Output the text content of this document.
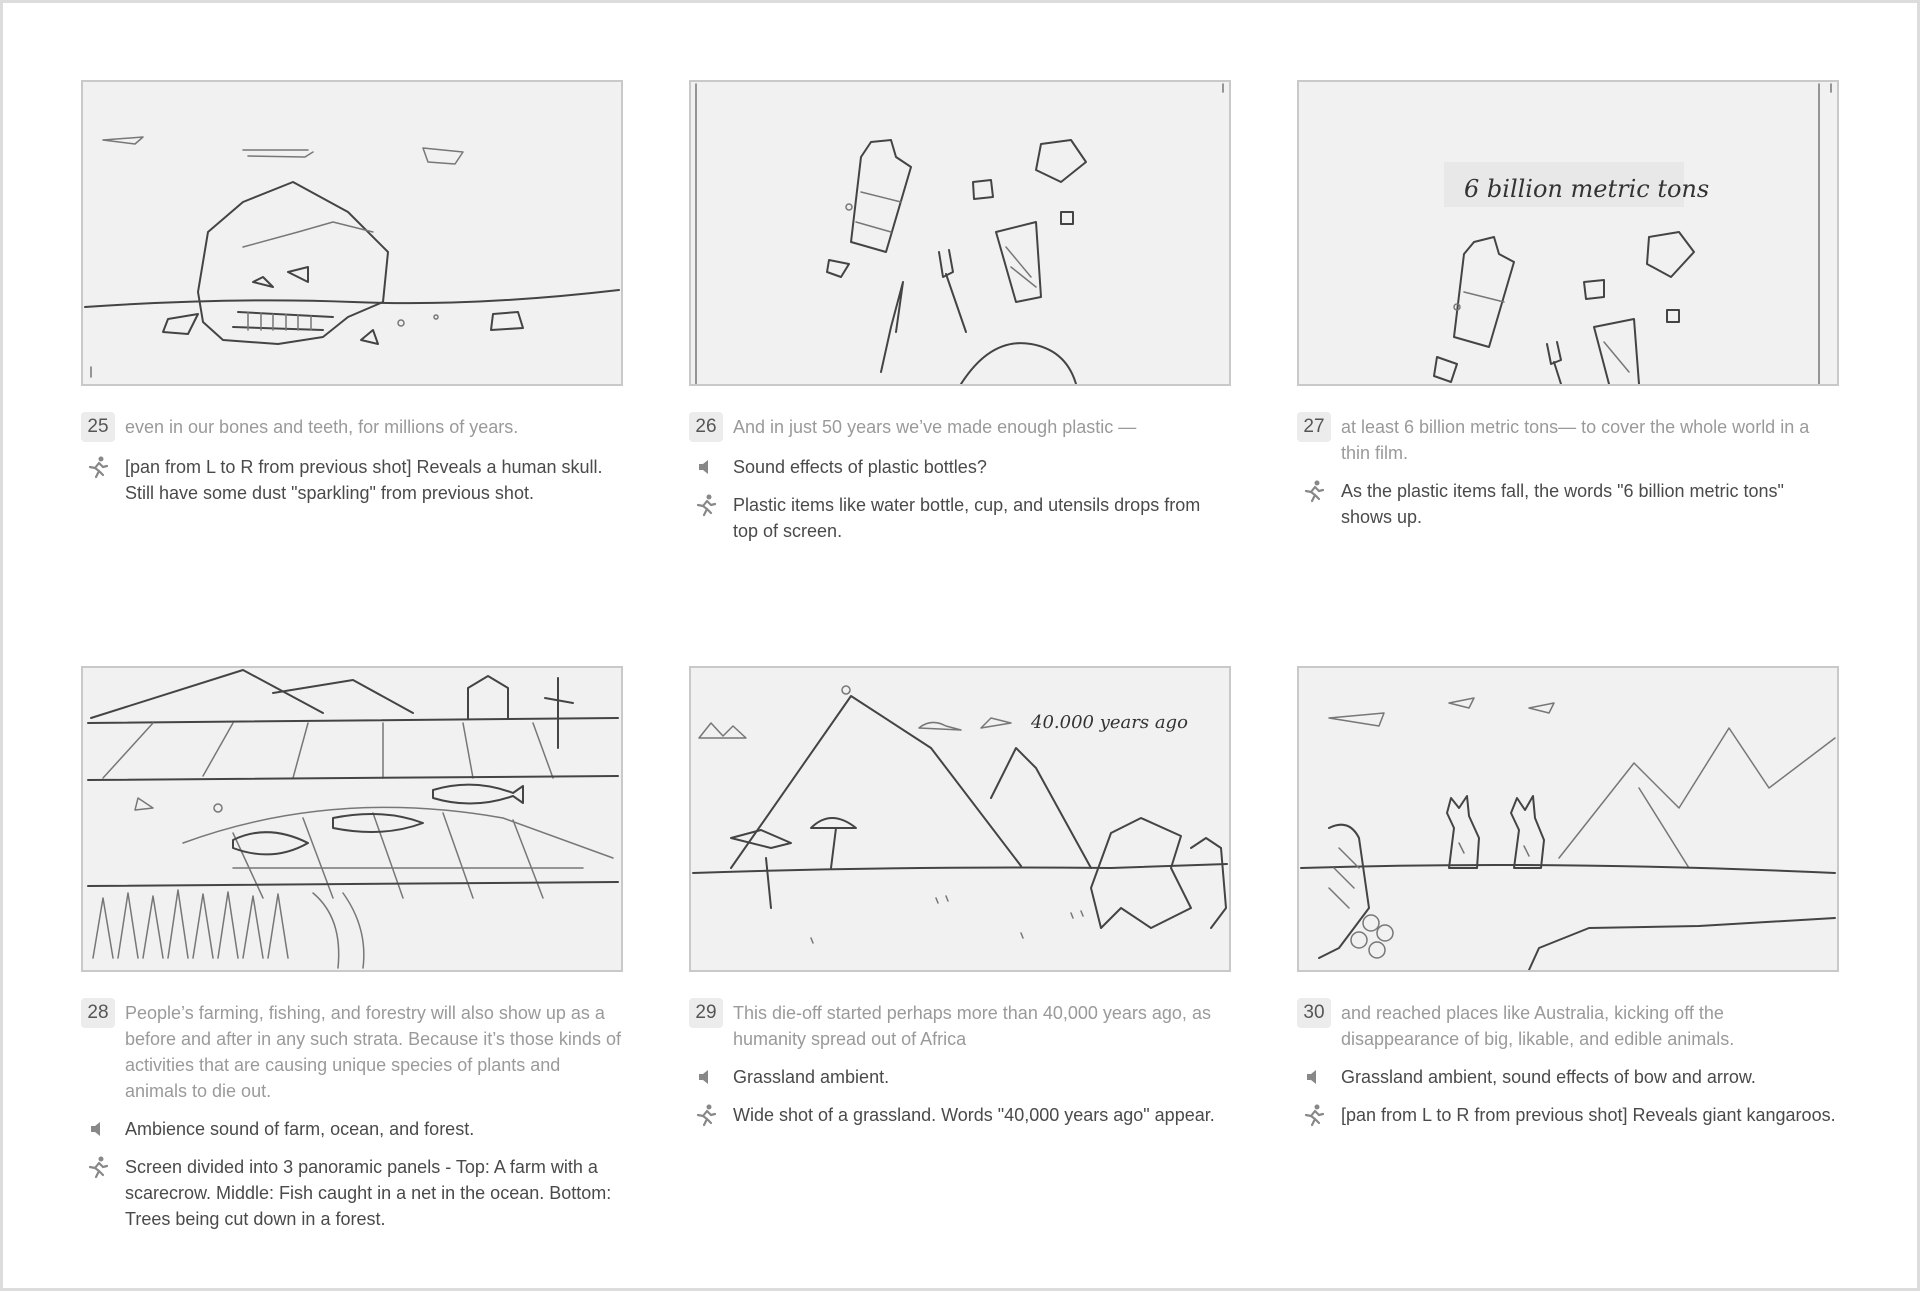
25 even in our bones and teeth, for millions of years.
[pan from L to R from previous shot] Reveals a human skull. Still have some dust "sparkling" from previous shot.
26 And in just 50 years we’ve made enough plastic —
Sound effects of plastic bottles?
Plastic items like water bottle, cup, and utensils drops from top of screen.
6 billion metric tons
27 at least 6 billion metric tons— to cover the whole world in a thin film.
As the plastic items fall, the words "6 billion metric tons" shows up.
28 People’s farming, fishing, and forestry will also show up as a before and after in any such strata. Because it’s those kinds of activities that are causing unique species of plants and animals to die out.
Ambience sound of farm, ocean, and forest.
Screen divided into 3 panoramic panels - Top: A farm with a scarecrow. Middle: Fish caught in a net in the ocean. Bottom: Trees being cut down in a forest.
40.000 years ago
29 This die-off started perhaps more than 40,000 years ago, as humanity spread out of Africa
Grassland ambient.
Wide shot of a grassland. Words "40,000 years ago" appear.
30 and reached places like Australia, kicking off the disappearance of big, likable, and edible animals.
Grassland ambient, sound effects of bow and arrow.
[pan from L to R from previous shot] Reveals giant kangaroos.
